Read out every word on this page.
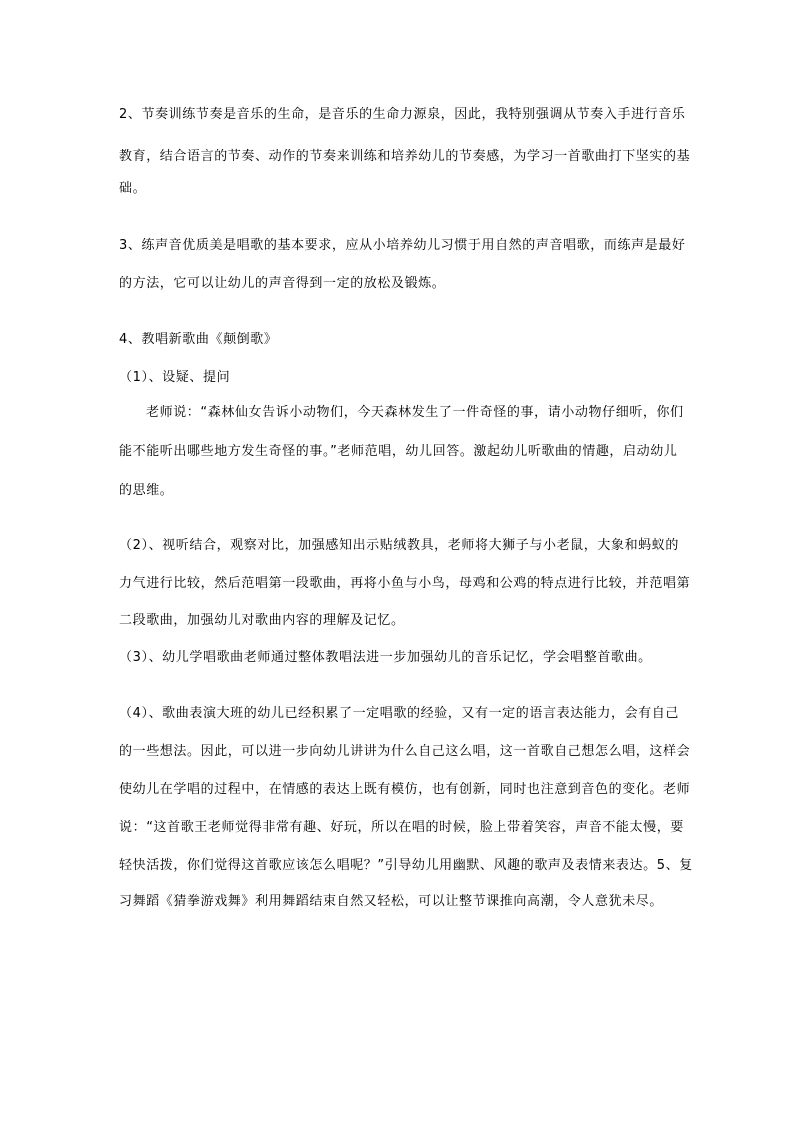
2、节奏训练节奏是音乐的生命，是音乐的生命力源泉，因此，我特别强调从节奏入手进行音乐
教育，结合语言的节奏、动作的节奏来训练和培养幼儿的节奏感，为学习一首歌曲打下坚实的基
础。
3、练声音优质美是唱歌的基本要求，应从小培养幼儿习惯于用自然的声音唱歌，而练声是最好
的方法，它可以让幼儿的声音得到一定的放松及锻炼。
4、教唱新歌曲《颠倒歌》
（1）、设疑、提问
老师说：“森林仙女告诉小动物们，今天森林发生了一件奇怪的事，请小动物仔细听，你们
能不能听出哪些地方发生奇怪的事。”老师范唱，幼儿回答。激起幼儿听歌曲的情趣，启动幼儿
的思维。
（2）、视听结合，观察对比，加强感知出示贴绒教具，老师将大狮子与小老鼠，大象和蚂蚁的
力气进行比较，然后范唱第一段歌曲，再将小鱼与小鸟，母鸡和公鸡的特点进行比较，并范唱第
二段歌曲，加强幼儿对歌曲内容的理解及记忆。
（3）、幼儿学唱歌曲老师通过整体教唱法进一步加强幼儿的音乐记忆，学会唱整首歌曲。
（4）、歌曲表演大班的幼儿已经积累了一定唱歌的经验，又有一定的语言表达能力，会有自己
的一些想法。因此，可以进一步向幼儿讲讲为什么自己这么唱，这一首歌自己想怎么唱，这样会
使幼儿在学唱的过程中，在情感的表达上既有模仿，也有创新，同时也注意到音色的变化。老师
说：“这首歌王老师觉得非常有趣、好玩，所以在唱的时候，脸上带着笑容，声音不能太慢，要
轻快活拨，你们觉得这首歌应该怎么唱呢？”引导幼儿用幽默、风趣的歌声及表情来表达。5、复
习舞蹈《猜拳游戏舞》利用舞蹈结束自然又轻松，可以让整节课推向高潮，令人意犹未尽。
